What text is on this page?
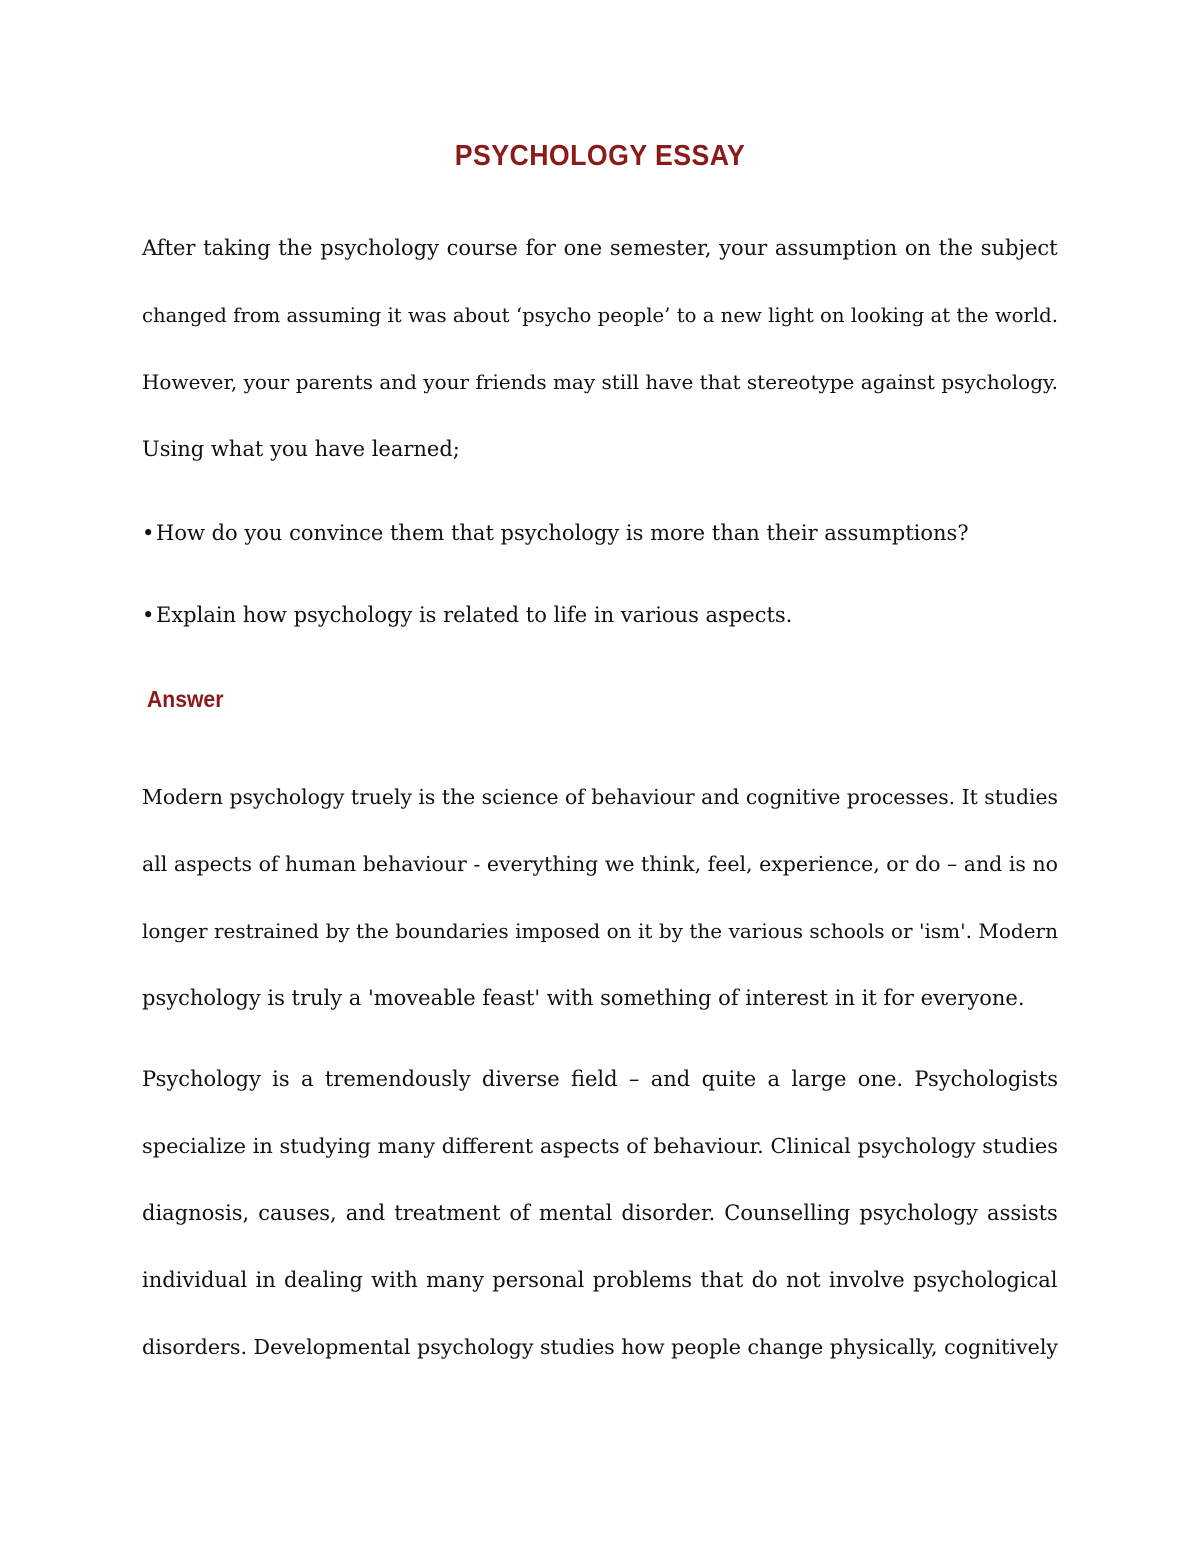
PSYCHOLOGY ESSAY
After taking the psychology course for one semester, your assumption on the subject
changed from assuming it was about ‘psycho people’ to a new light on looking at the world.
However, your parents and your friends may still have that stereotype against psychology.
Using what you have learned;
•How do you convince them that psychology is more than their assumptions?
•Explain how psychology is related to life in various aspects.
Answer
Modern psychology truely is the science of behaviour and cognitive processes. It studies
all aspects of human behaviour - everything we think, feel, experience, or do – and is no
longer restrained by the boundaries imposed on it by the various schools or 'ism'. Modern
psychology is truly a 'moveable feast' with something of interest in it for everyone.
Psychology is a tremendously diverse field – and quite a large one. Psychologists
specialize in studying many different aspects of behaviour. Clinical psychology studies
diagnosis, causes, and treatment of mental disorder. Counselling psychology assists
individual in dealing with many personal problems that do not involve psychological
disorders. Developmental psychology studies how people change physically, cognitively
